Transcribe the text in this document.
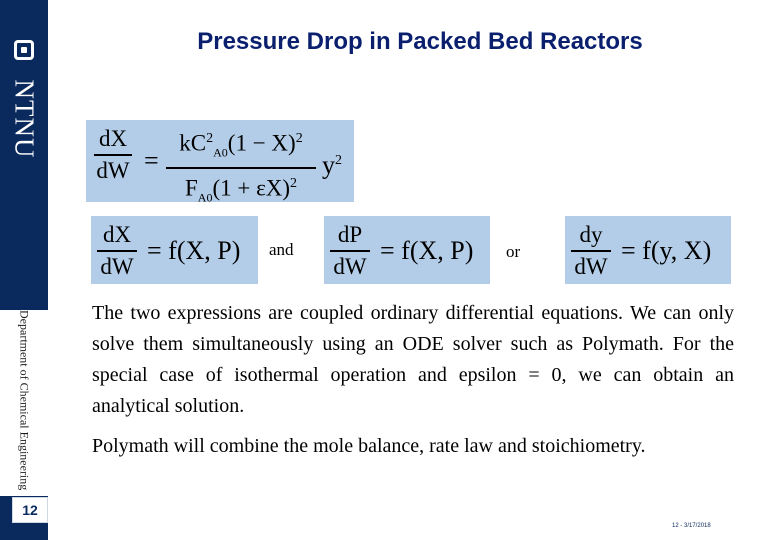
NTNU
Department of Chemical Engineering
12
Pressure Drop in Packed Bed Reactors
dX
dW =
$kC^2_{A0}(1 - X)^2$
$F_{A0}(1 + \varepsilon X)^2$
$y^2$
dX
dW
= f(X, P) and
dP
dW
= f(X, P) or
dy
dW
= f(y, X)

The two expressions are coupled ordinary differential equations. We can only solve them simultaneously using an ODE solver such as Polymath. For the special case of isothermal operation and epsilon = 0, we can obtain an analytical solution.

Polymath will combine the mole balance, rate law and stoichiometry.

12 - 3/17/2018
